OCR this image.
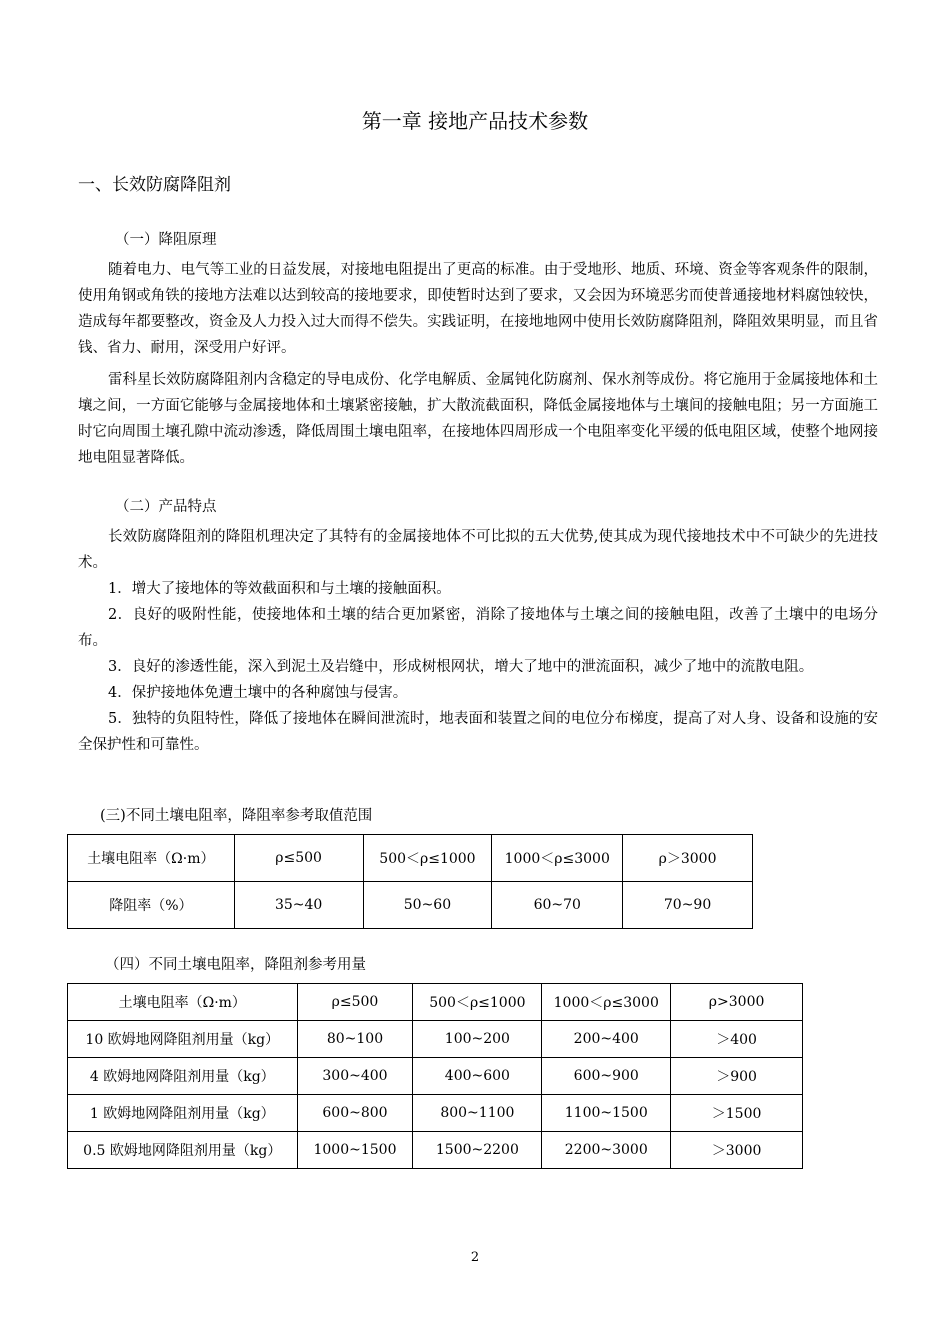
第一章 接地产品技术参数
一、长效防腐降阻剂
（一）降阻原理

随着电力、电气等工业的日益发展，对接地电阻提出了更高的标准。由于受地形、地质、环境、资金等客观条件的限制，使用角钢或角铁的接地方法难以达到较高的接地要求，即使暂时达到了要求，又会因为环境恶劣而使普通接地材料腐蚀较快，造成每年都要整改，资金及人力投入过大而得不偿失。实践证明，在接地地网中使用长效防腐降阻剂，降阻效果明显，而且省钱、省力、耐用，深受用户好评。

雷科星长效防腐降阻剂内含稳定的导电成份、化学电解质、金属钝化防腐剂、保水剂等成份。将它施用于金属接地体和土壤之间，一方面它能够与金属接地体和土壤紧密接触，扩大散流截面积，降低金属接地体与土壤间的接触电阻；另一方面施工时它向周围土壤孔隙中流动渗透，降低周围土壤电阻率，在接地体四周形成一个电阻率变化平缓的低电阻区域，使整个地网接地电阻显著降低。

（二）产品特点

长效防腐降阻剂的降阻机理决定了其特有的金属接地体不可比拟的五大优势,使其成为现代接地技术中不可缺少的先进技术。

1．增大了接地体的等效截面积和与土壤的接触面积。
2．良好的吸附性能，使接地体和土壤的结合更加紧密，消除了接地体与土壤之间的接触电阻，改善了土壤中的电场分布。
3．良好的渗透性能，深入到泥土及岩缝中，形成树根网状，增大了地中的泄流面积，减少了地中的流散电阻。
4．保护接地体免遭土壤中的各种腐蚀与侵害。
5．独特的负阻特性，降低了接地体在瞬间泄流时，地表面和装置之间的电位分布梯度，提高了对人身、设备和设施的安全保护性和可靠性。
(三)不同土壤电阻率，降阻率参考取值范围
土壤电阻率（Ω·m）	ρ≤500	500＜ρ≤1000	1000＜ρ≤3000	ρ＞3000
降阻率（%）	35~40	50~60	60~70	70~90
（四）不同土壤电阻率，降阻剂参考用量
土壤电阻率（Ω·m）	ρ≤500	500＜ρ≤1000	1000＜ρ≤3000	ρ>3000
10 欧姆地网降阻剂用量（kg）	80~100	100~200	200~400	＞400
4 欧姆地网降阻剂用量（kg）	300~400	400~600	600~900	＞900
1 欧姆地网降阻剂用量（kg）	600~800	800~1100	1100~1500	＞1500
0.5 欧姆地网降阻剂用量（kg）	1000~1500	1500~2200	2200~3000	＞3000
2
